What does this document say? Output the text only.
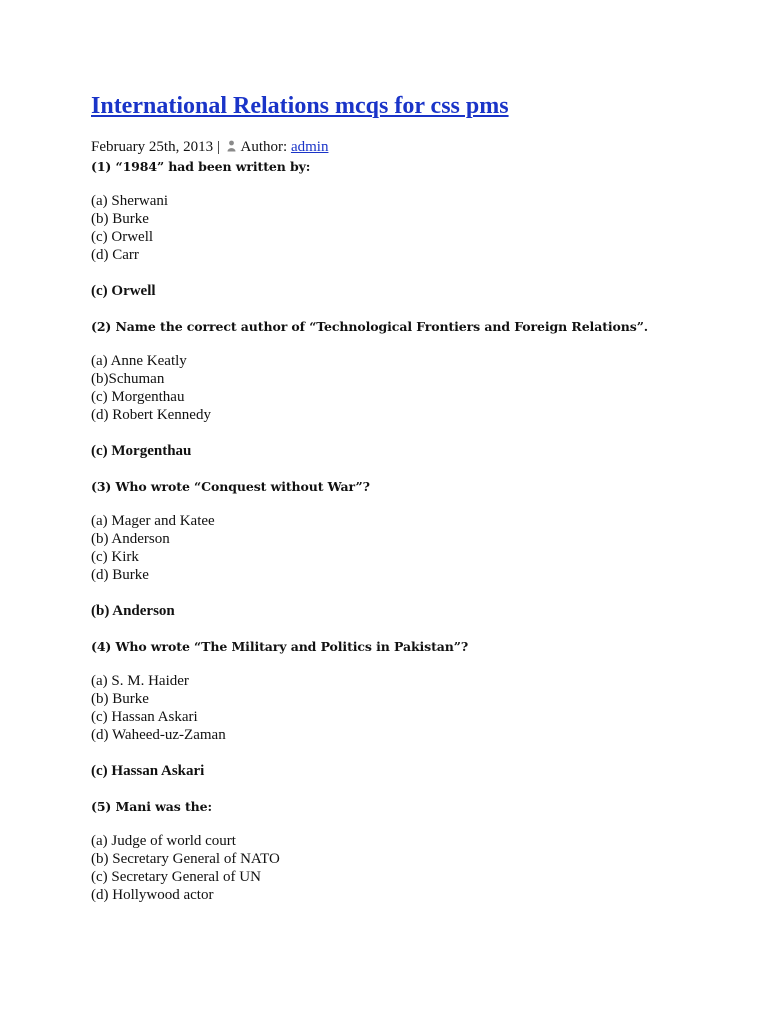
International Relations mcqs for css pms
February 25th, 2013 | Author: admin

(1) “1984” had been written by:

(a) Sherwani
(b) Burke
(c) Orwell
(d) Carr

(c) Orwell

(2) Name the correct author of “Technological Frontiers and Foreign Relations”.

(a) Anne Keatly
(b)Schuman
(c) Morgenthau
(d) Robert Kennedy

(c) Morgenthau

(3) Who wrote “Conquest without War”?

(a) Mager and Katee
(b) Anderson
(c) Kirk
(d) Burke

(b) Anderson

(4) Who wrote “The Military and Politics in Pakistan”?

(a) S. M. Haider
(b) Burke
(c) Hassan Askari
(d) Waheed-uz-Zaman

(c) Hassan Askari

(5) Mani was the:

(a) Judge of world court
(b) Secretary General of NATO
(c) Secretary General of UN
(d) Hollywood actor
